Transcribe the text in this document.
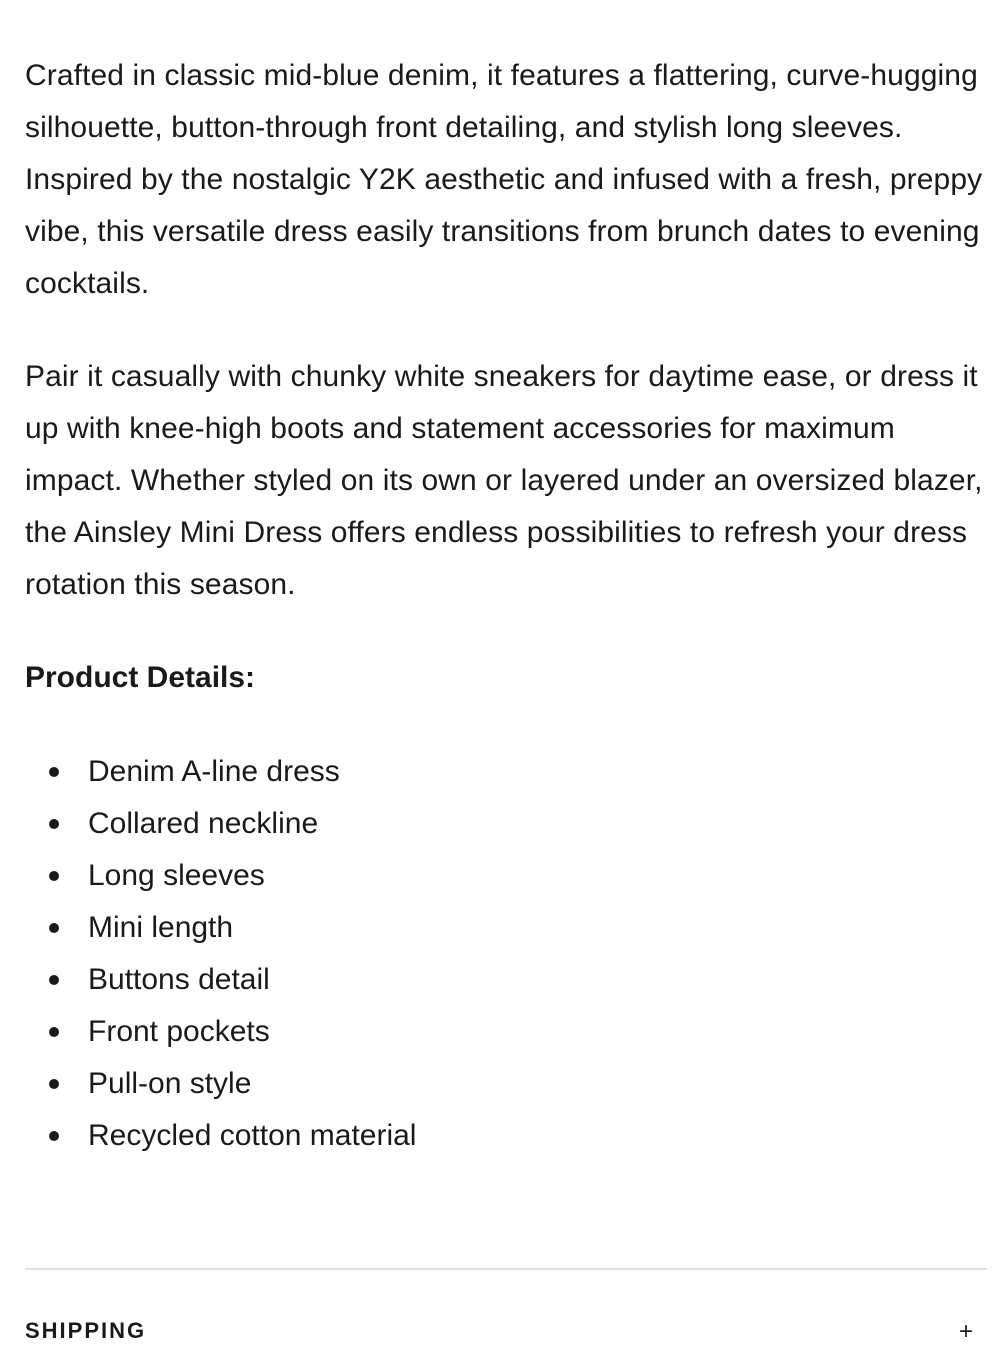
Crafted in classic mid-blue denim, it features a flattering, curve-hugging silhouette, button-through front detailing, and stylish long sleeves. Inspired by the nostalgic Y2K aesthetic and infused with a fresh, preppy vibe, this versatile dress easily transitions from brunch dates to evening cocktails.

Pair it casually with chunky white sneakers for daytime ease, or dress it up with knee-high boots and statement accessories for maximum impact. Whether styled on its own or layered under an oversized blazer, the Ainsley Mini Dress offers endless possibilities to refresh your dress rotation this season.

Product Details:
Denim A-line dress
Collared neckline
Long sleeves
Mini length
Buttons detail
Front pockets
Pull-on style
Recycled cotton material
SHIPPING	+
